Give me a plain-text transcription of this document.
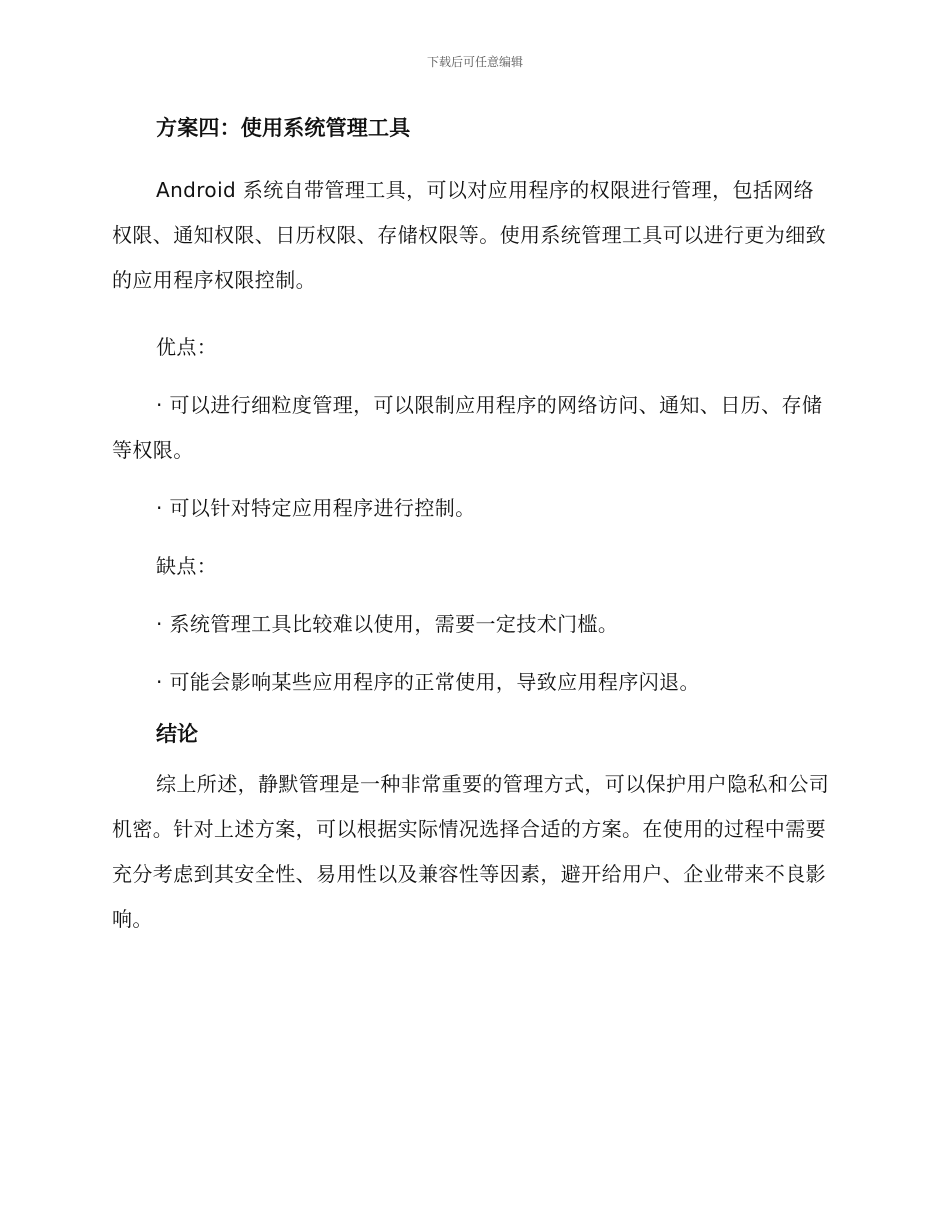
下载后可任意编辑
方案四：使用系统管理工具

Android 系统自带管理工具，可以对应用程序的权限进行管理，包括网络权限、通知权限、日历权限、存储权限等。使用系统管理工具可以进行更为细致的应用程序权限控制。

优点：

· 可以进行细粒度管理，可以限制应用程序的网络访问、通知、日历、存储等权限。

· 可以针对特定应用程序进行控制。

缺点：

· 系统管理工具比较难以使用，需要一定技术门槛。

· 可能会影响某些应用程序的正常使用，导致应用程序闪退。

结论

综上所述，静默管理是一种非常重要的管理方式，可以保护用户隐私和公司机密。针对上述方案，可以根据实际情况选择合适的方案。在使用的过程中需要充分考虑到其安全性、易用性以及兼容性等因素，避开给用户、企业带来不良影响。
